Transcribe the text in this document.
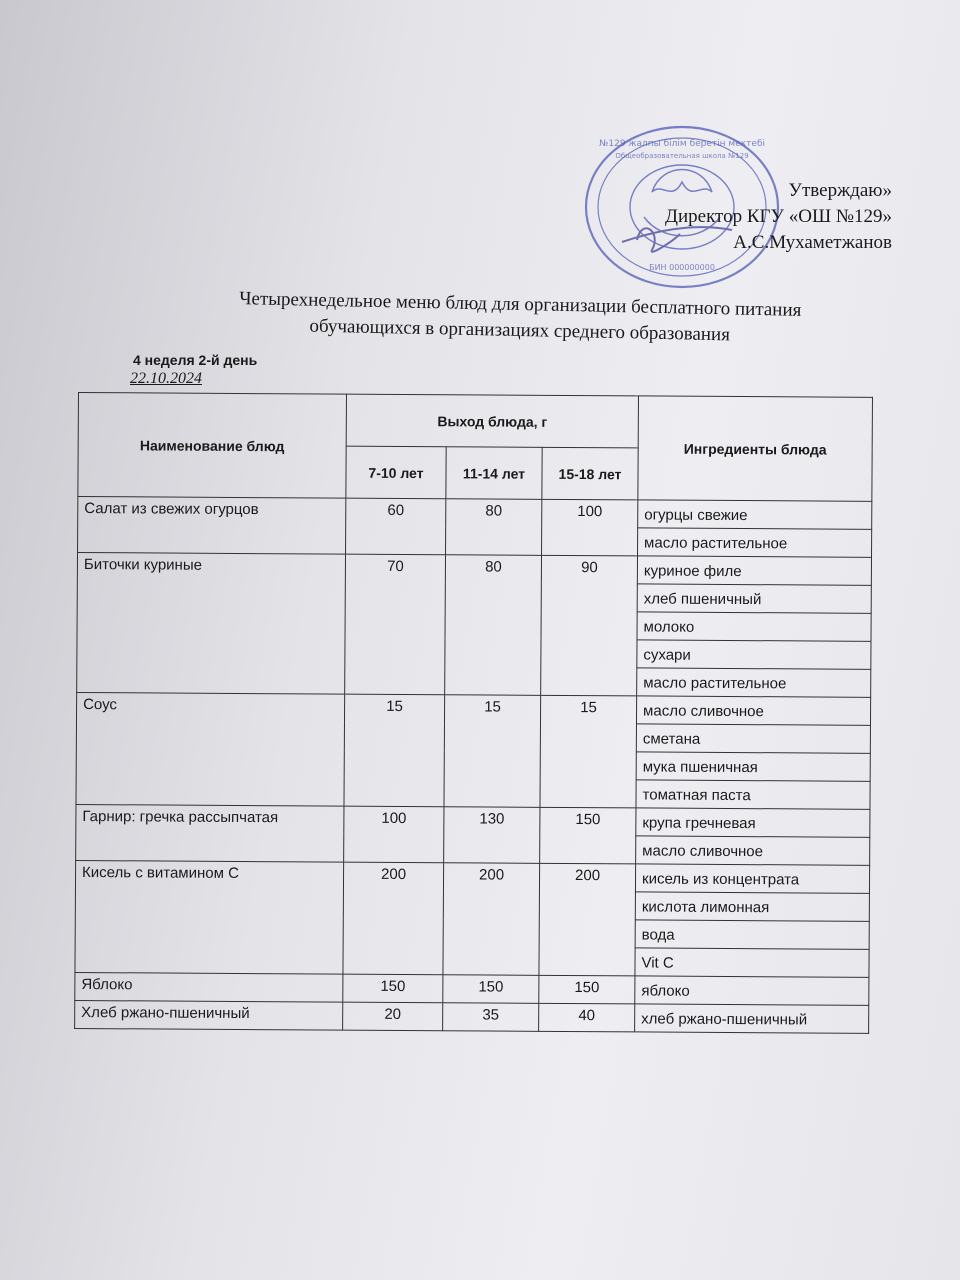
№129 жалпы білім беретін мектебі
Общеобразовательная школа №129
БИН 000000000
Утверждаю»
Директор КГУ «ОШ №129»
А.С.Мухаметжанов
Четырехнедельное меню блюд для организации бесплатного питания
обучающихся в организациях среднего образования
4 неделя 2-й день
22.10.2024
Наименование блюд	Выход блюда, г			Ингредиенты блюда
	7-10 лет	11-14 лет	15-18 лет	
Салат из свежих огурцов	60	80	100	огурцы свежие
				масло растительное
Биточки куриные	70	80	90	куриное филе
				хлеб пшеничный
				молоко
				сухари
				масло растительное
Соус	15	15	15	масло сливочное
				сметана
				мука пшеничная
				томатная паста
Гарнир: гречка рассыпчатая	100	130	150	крупа гречневая
				масло сливочное
Кисель с витамином С	200	200	200	кисель из концентрата
				кислота лимонная
				вода
				Vit C
Яблоко	150	150	150	яблоко
Хлеб ржано-пшеничный	20	35	40	хлеб ржано-пшеничный
